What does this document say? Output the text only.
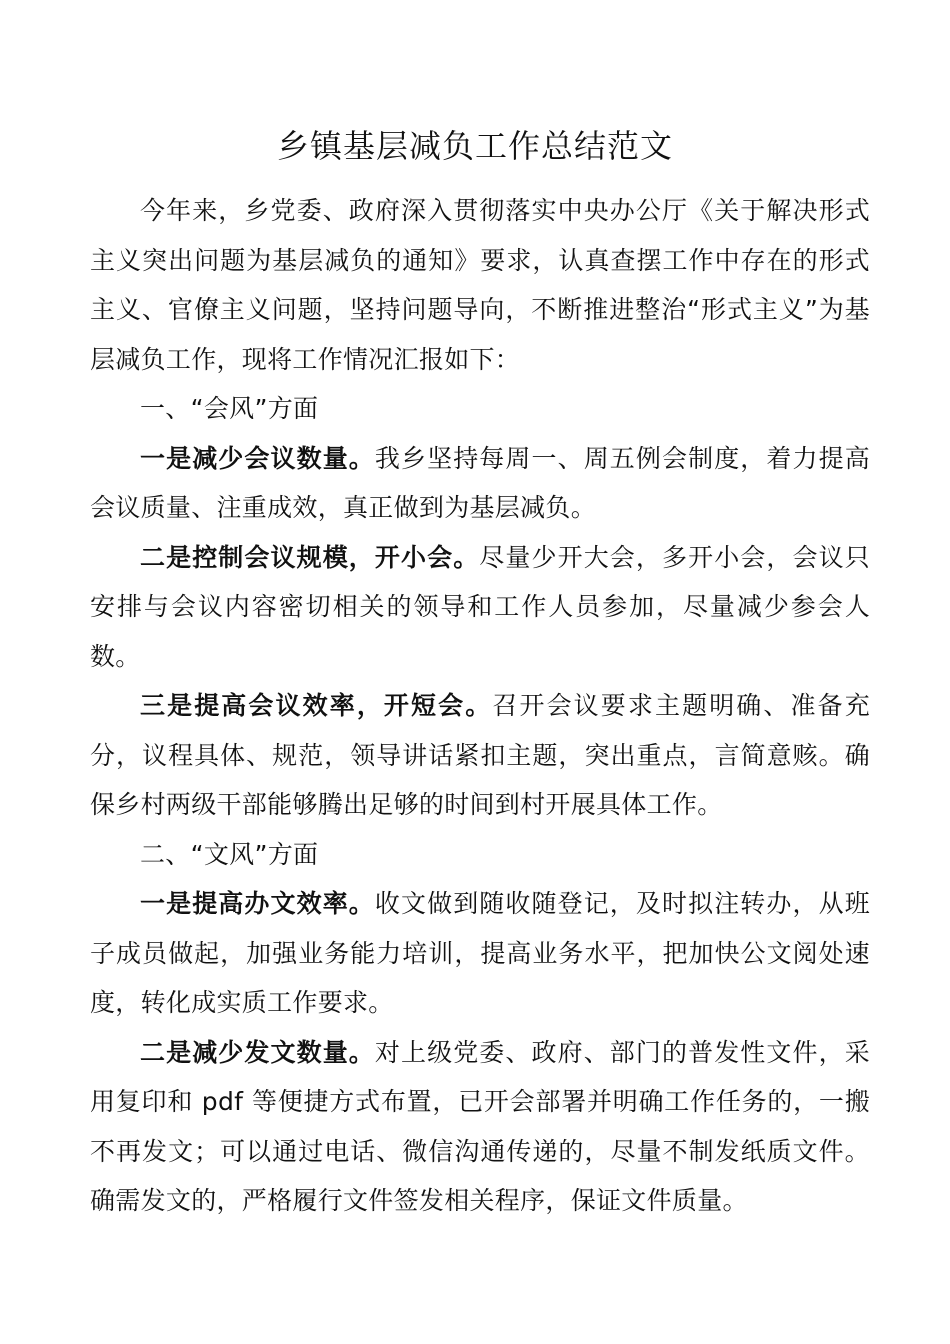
乡镇基层减负工作总结范文

今年来，乡党委、政府深入贯彻落实中央办公厅《关于解决形式主义突出问题为基层减负的通知》要求，认真查摆工作中存在的形式主义、官僚主义问题，坚持问题导向，不断推进整治“形式主义”为基层减负工作，现将工作情况汇报如下：

一、“会风”方面

一是减少会议数量。我乡坚持每周一、周五例会制度，着力提高会议质量、注重成效，真正做到为基层减负。

二是控制会议规模，开小会。尽量少开大会，多开小会，会议只安排与会议内容密切相关的领导和工作人员参加，尽量减少参会人数。

三是提高会议效率，开短会。召开会议要求主题明确、准备充分，议程具体、规范，领导讲话紧扣主题，突出重点，言简意赅。确保乡村两级干部能够腾出足够的时间到村开展具体工作。

二、“文风”方面

一是提高办文效率。收文做到随收随登记，及时拟注转办，从班子成员做起，加强业务能力培训，提高业务水平，把加快公文阅处速度，转化成实质工作要求。

二是减少发文数量。对上级党委、政府、部门的普发性文件，采用复印和 pdf 等便捷方式布置，已开会部署并明确工作任务的，一搬不再发文；可以通过电话、微信沟通传递的，尽量不制发纸质文件。确需发文的，严格履行文件签发相关程序，保证文件质量。
